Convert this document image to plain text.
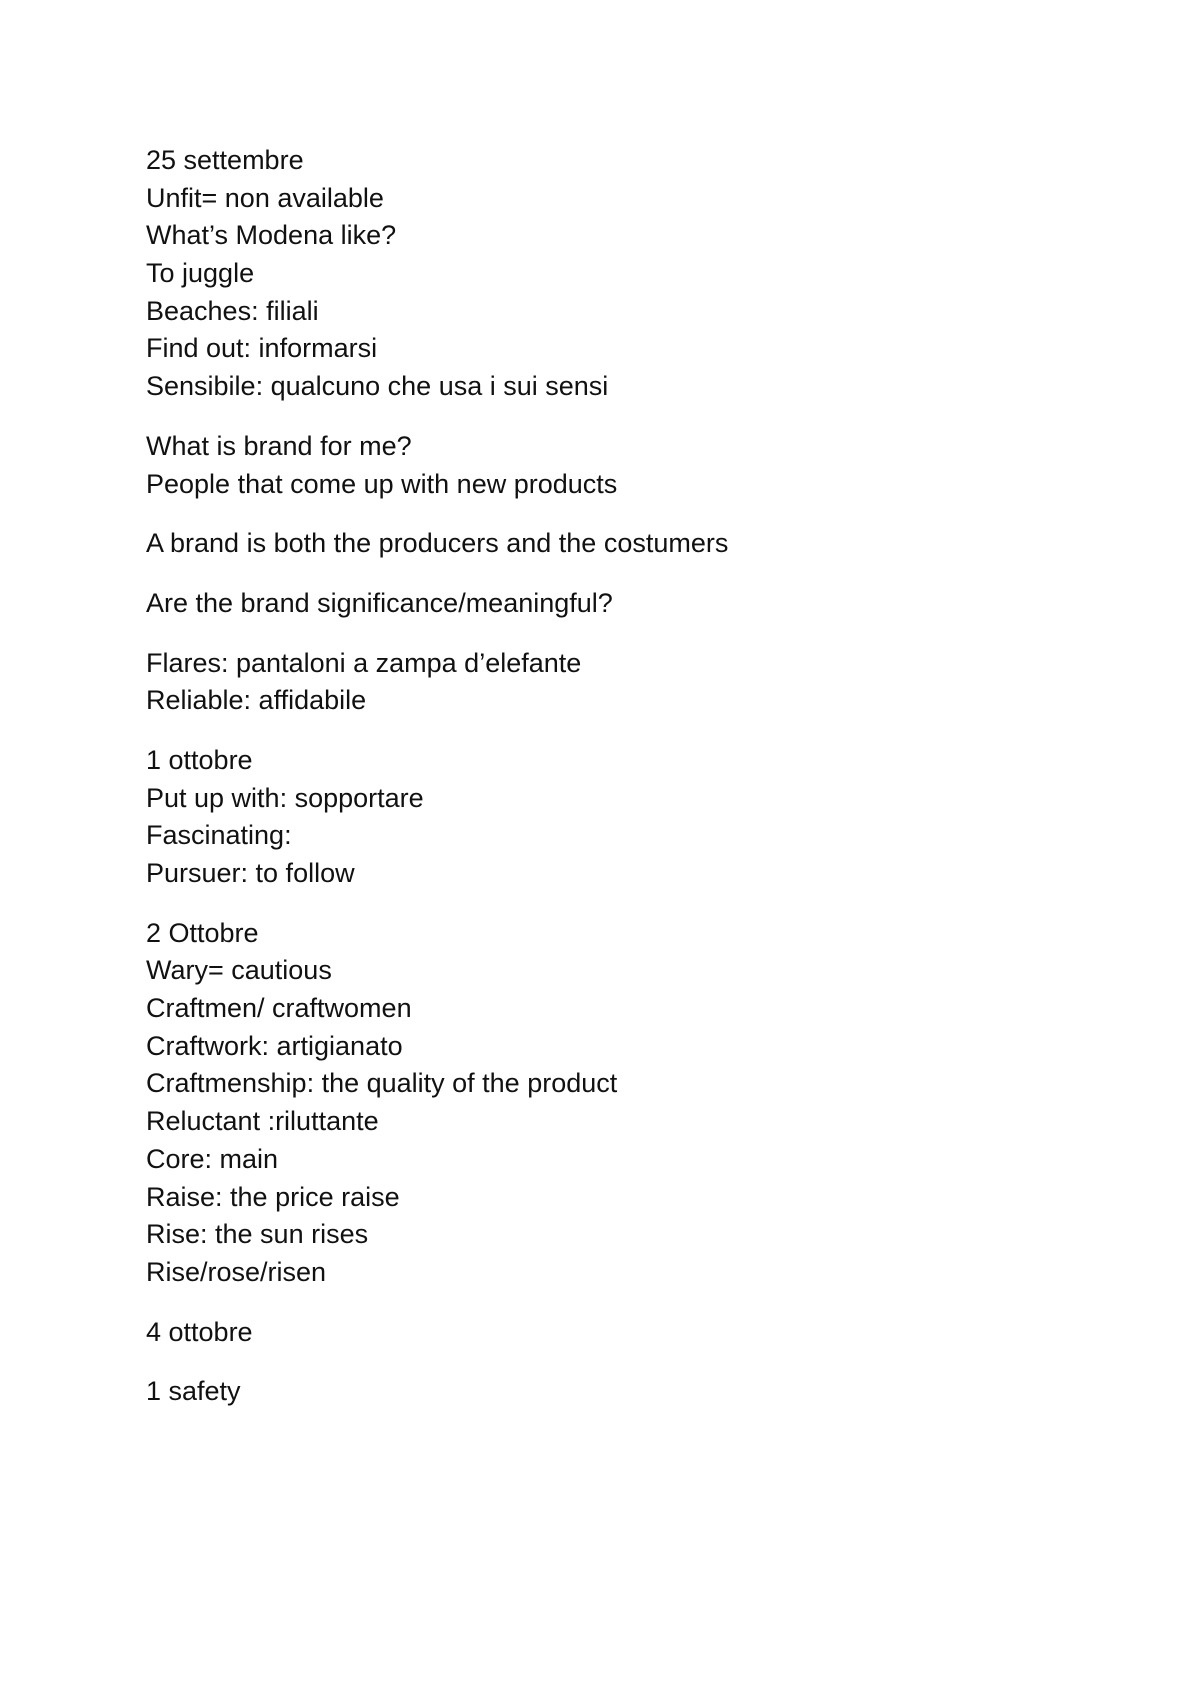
25 settembre
Unfit= non available
What’s Modena like?
To juggle
Beaches: filiali
Find out: informarsi
Sensibile: qualcuno che usa i sui sensi
What is brand for me?
People that come up with new products
A brand is both the producers and the costumers
Are the brand significance/meaningful?
Flares: pantaloni a zampa d’elefante
Reliable: affidabile
1 ottobre
Put up with: sopportare
Fascinating:
Pursuer: to follow
2 Ottobre
Wary= cautious
Craftmen/ craftwomen
Craftwork: artigianato
Craftmenship: the quality of the product
Reluctant :riluttante
Core: main
Raise: the price raise
Rise: the sun rises
Rise/rose/risen
4 ottobre
1 safety
